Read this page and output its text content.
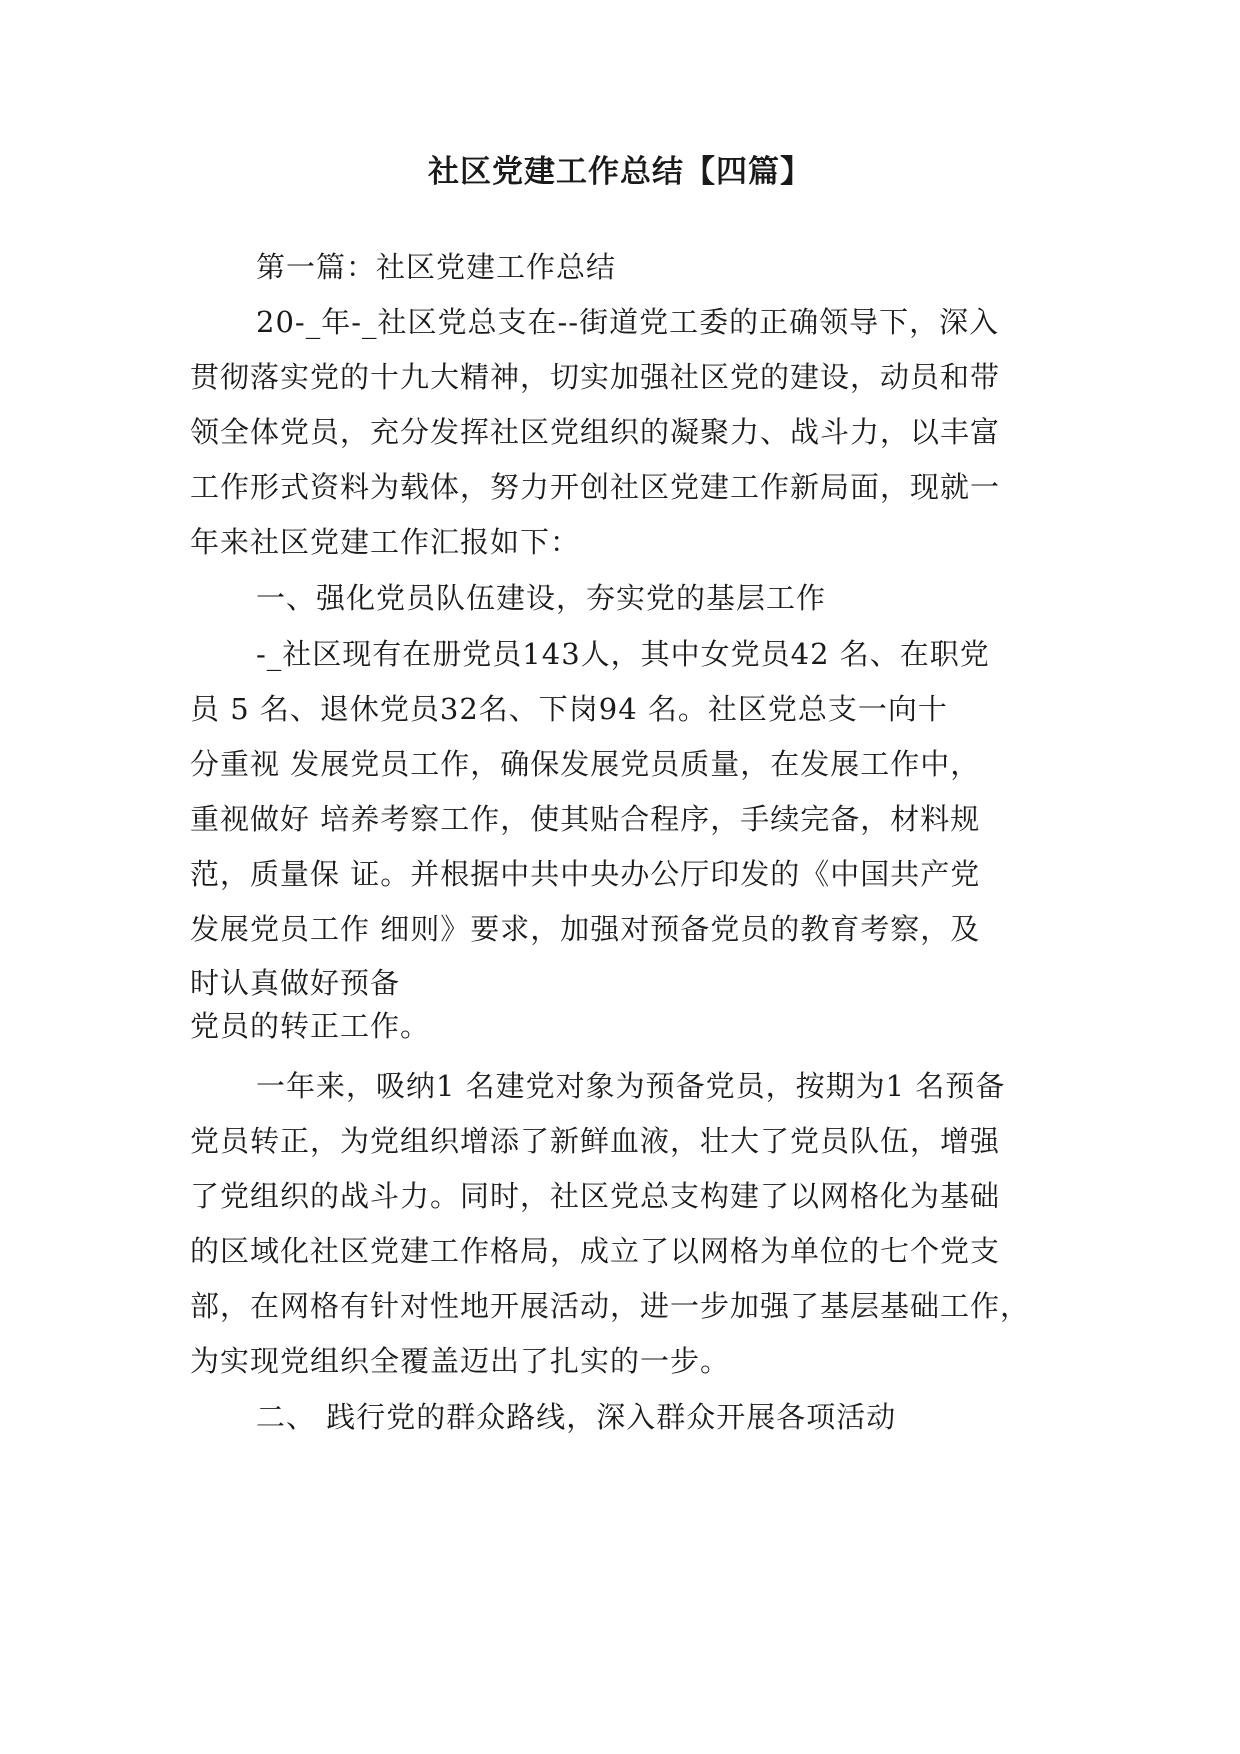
社区党建工作总结【四篇】
第一篇：社区党建工作总结
20-_年-_社区党总支在--街道党工委的正确领导下，深入
贯彻落实党的十九大精神，切实加强社区党的建设，动员和带
领全体党员，充分发挥社区党组织的凝聚力、战斗力，以丰富
工作形式资料为载体，努力开创社区党建工作新局面，现就一
年来社区党建工作汇报如下：
一、强化党员队伍建设，夯实党的基层工作
-_社区现有在册党员143人，其中女党员42 名、在职党
员 5 名、退休党员32名、下岗94 名。社区党总支一向十
分重视 发展党员工作，确保发展党员质量，在发展工作中，
重视做好 培养考察工作，使其贴合程序，手续完备，材料规
范，质量保 证。并根据中共中央办公厅印发的《中国共产党
发展党员工作 细则》要求，加强对预备党员的教育考察，及
时认真做好预备
党员的转正工作。
一年来，吸纳1 名建党对象为预备党员，按期为1 名预备
党员转正，为党组织增添了新鲜血液，壮大了党员队伍，增强
了党组织的战斗力。同时，社区党总支构建了以网格化为基础
的区域化社区党建工作格局，成立了以网格为单位的七个党支
部，在网格有针对性地开展活动，进一步加强了基层基础工作，
为实现党组织全覆盖迈出了扎实的一步。
二、 践行党的群众路线，深入群众开展各项活动
